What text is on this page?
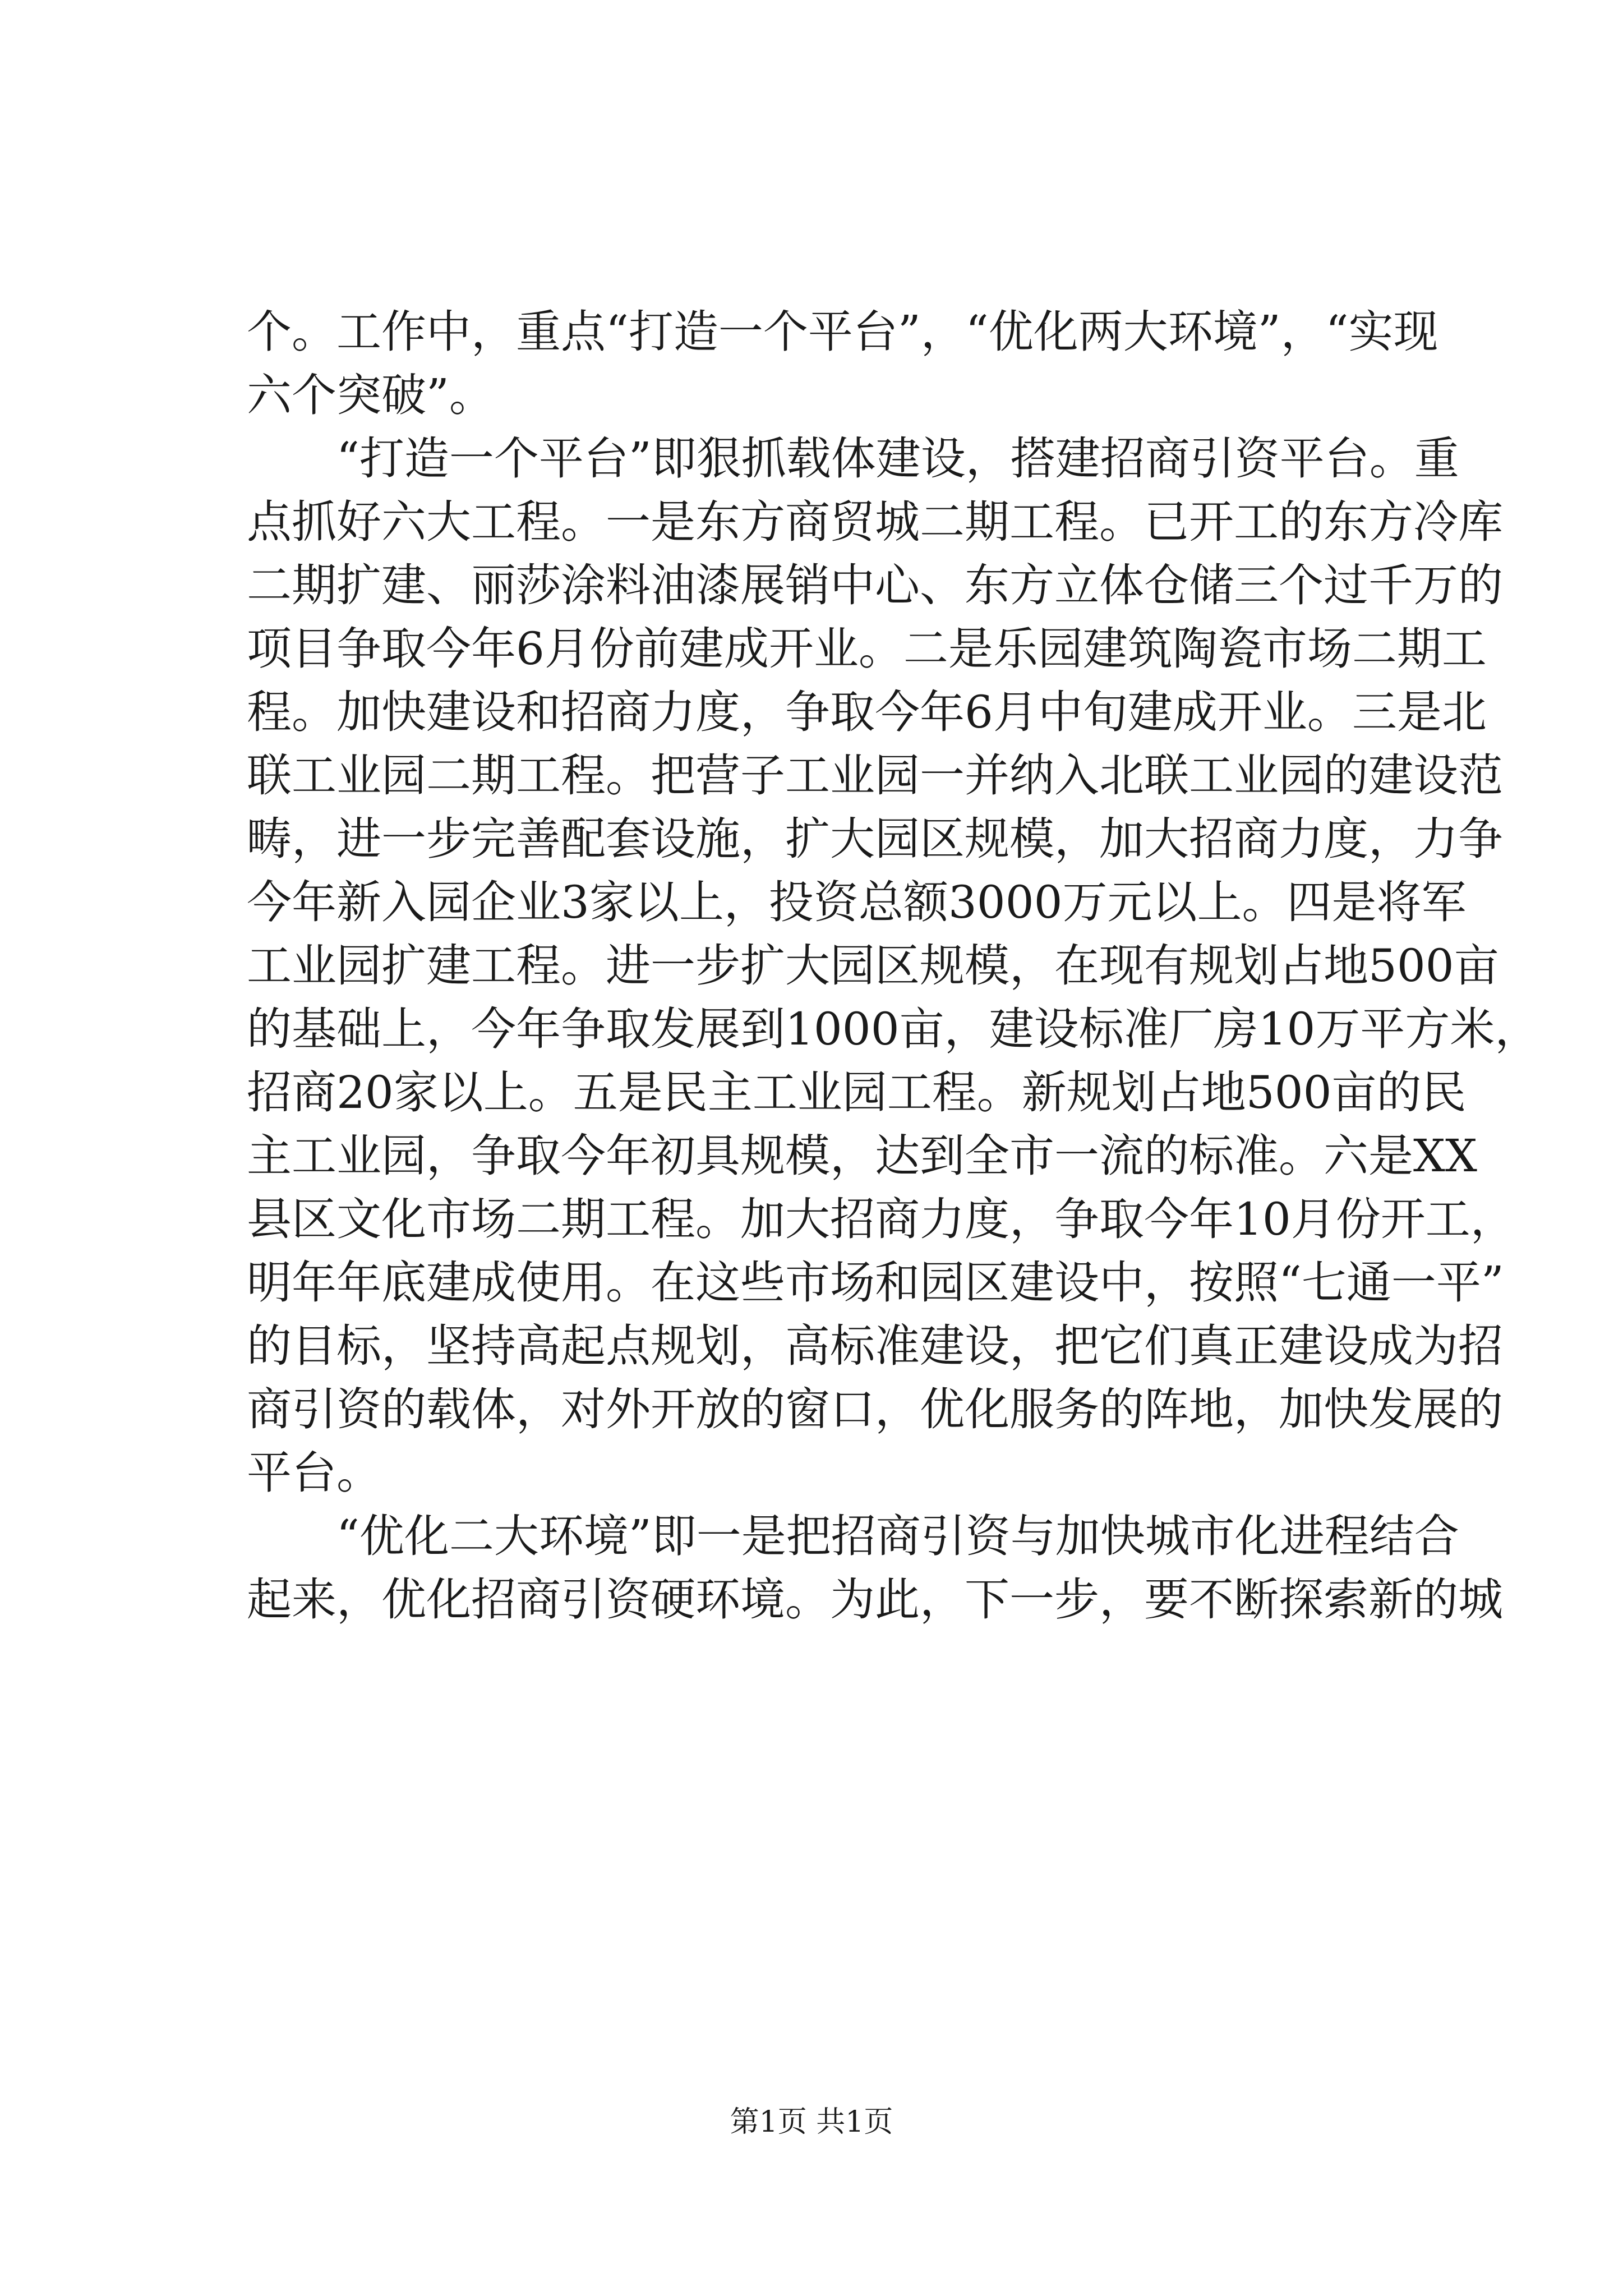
个。工作中，重点“打造一个平台”，“优化两大环境”，“实现
六个突破”。
“打造一个平台”即狠抓载体建设，搭建招商引资平台。重
点抓好六大工程。一是东方商贸城二期工程。已开工的东方冷库
二期扩建、丽莎涂料油漆展销中心、东方立体仓储三个过千万的
项目争取今年6月份前建成开业。二是乐园建筑陶瓷市场二期工
程。加快建设和招商力度，争取今年6月中旬建成开业。三是北
联工业园二期工程。把营子工业园一并纳入北联工业园的建设范
畴，进一步完善配套设施，扩大园区规模，加大招商力度，力争
今年新入园企业3家以上，投资总额3000万元以上。四是将军
工业园扩建工程。进一步扩大园区规模，在现有规划占地500亩
的基础上，今年争取发展到1000亩，建设标准厂房10万平方米，
招商20家以上。五是民主工业园工程。新规划占地500亩的民
主工业园，争取今年初具规模，达到全市一流的标准。六是XX
县区文化市场二期工程。加大招商力度，争取今年10月份开工，
明年年底建成使用。在这些市场和园区建设中，按照“七通一平”
的目标，坚持高起点规划，高标准建设，把它们真正建设成为招
商引资的载体，对外开放的窗口，优化服务的阵地，加快发展的
平台。
“优化二大环境”即一是把招商引资与加快城市化进程结合
起来，优化招商引资硬环境。为此，下一步，要不断探索新的城
第1页 共1页
